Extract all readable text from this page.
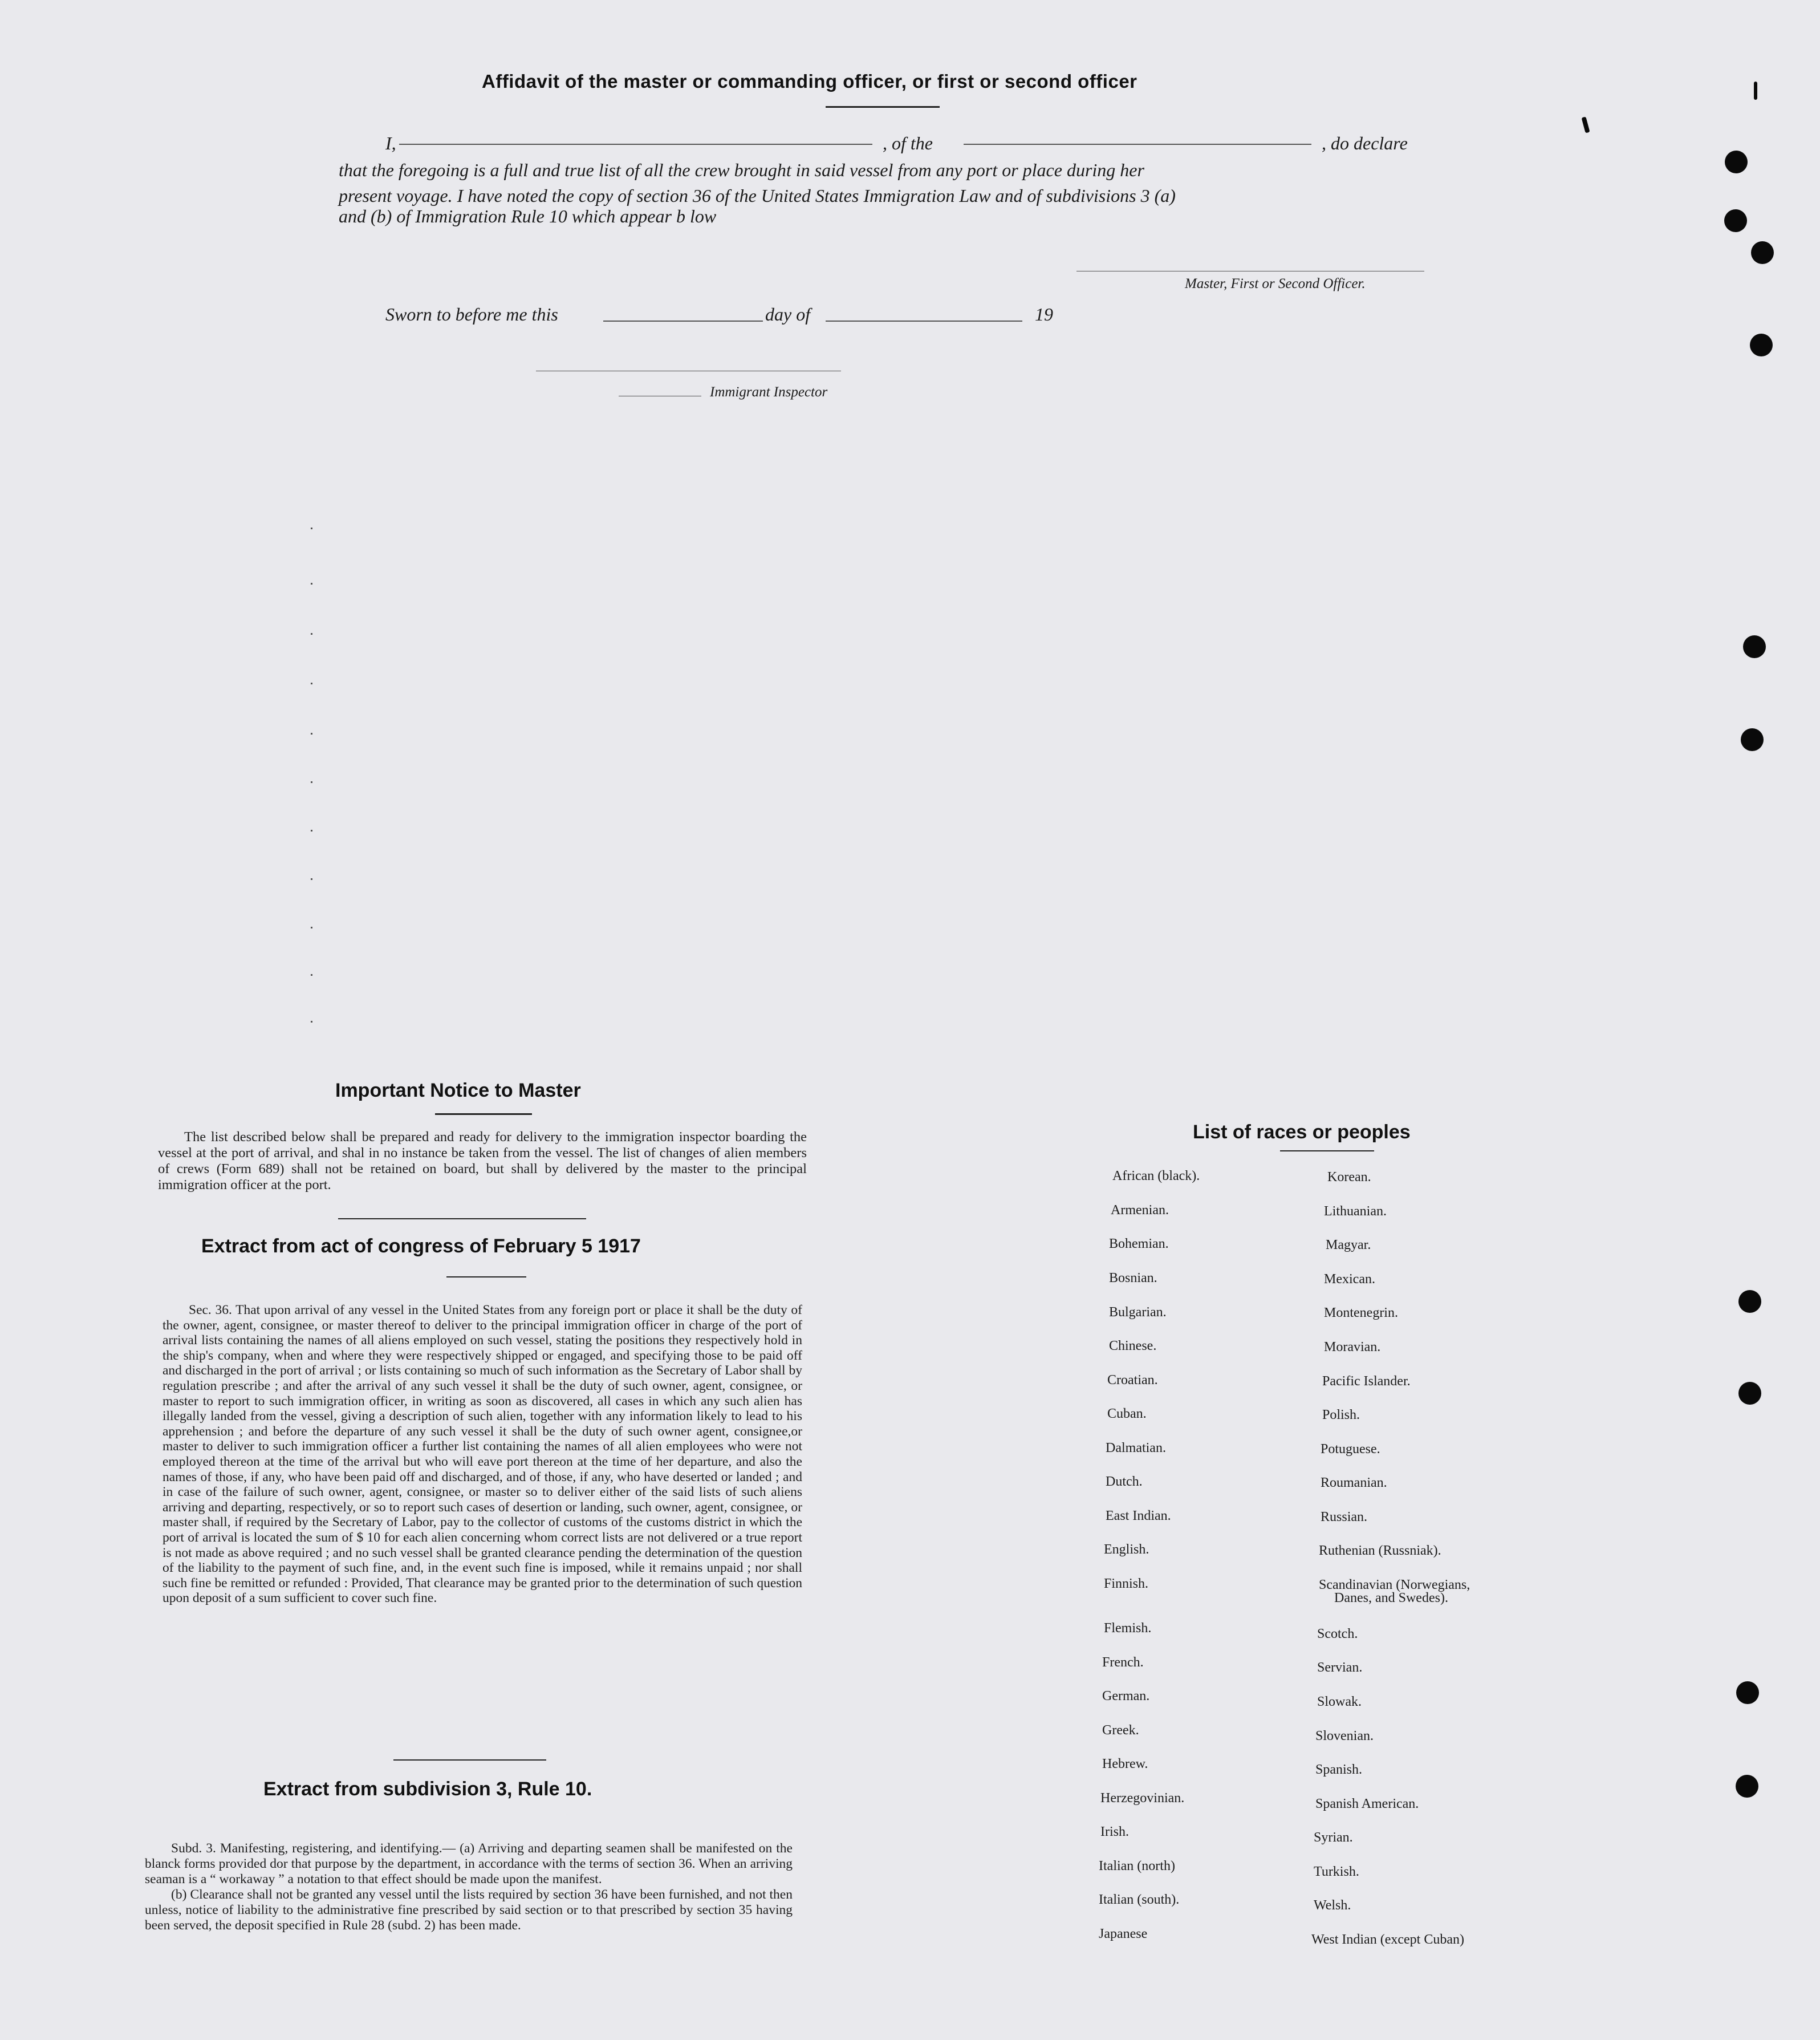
Affidavit of the master or commanding officer, or first or second officer
I,	, of the	, do declare
that the foregoing is a full and true list of all the crew brought in said vessel from any port or place during her
present voyage. I have noted the copy of section 36 of the United States Immigration Law and of subdivisions 3 (a)
and (b) of Immigration Rule 10 which appear b low
Master, First or Second Officer.
Sworn to before me this	day of	19
Immigrant Inspector
Important Notice to Master
The list described below shall be prepared and ready for delivery to the immigration inspector boarding the vessel at the port of arrival, and shal in no instance be taken from the vessel. The list of changes of alien members of crews (Form 689) shall not be retained on board, but shall by delivered by the master to the principal immigration officer at the port.
Extract from act of congress of February 5 1917
Sec. 36. That upon arrival of any vessel in the United States from any foreign port or place it shall be the duty of the owner, agent, consignee, or master thereof to deliver to the principal immigration officer in charge of the port of arrival lists containing the names of all aliens employed on such vessel, stating the positions they respectively hold in the ship's company, when and where they were respectively shipped or engaged, and specifying those to be paid off and discharged in the port of arrival ; or lists containing so much of such information as the Secretary of Labor shall by regulation prescribe ; and after the arrival of any such vessel it shall be the duty of such owner, agent, consignee, or master to report to such immigration officer, in writing as soon as discovered, all cases in which any such alien has illegally landed from the vessel, giving a description of such alien, together with any information likely to lead to his apprehension ; and before the departure of any such vessel it shall be the duty of such owner agent, consignee,or master to deliver to such immigration officer a further list containing the names of all alien employees who were not employed thereon at the time of the arrival but who will eave port thereon at the time of her departure, and also the names of those, if any, who have been paid off and discharged, and of those, if any, who have deserted or landed ; and in case of the failure of such owner, agent, consignee, or master so to deliver either of the said lists of such aliens arriving and departing, respectively, or so to report such cases of desertion or landing, such owner, agent, consignee, or master shall, if required by the Secretary of Labor, pay to the collector of customs of the customs district in which the port of arrival is located the sum of $ 10 for each alien concerning whom correct lists are not delivered or a true report is not made as above required ; and no such vessel shall be granted clearance pending the determination of the question of the liability to the payment of such fine, and, in the event such fine is imposed, while it remains unpaid ; nor shall such fine be remitted or refunded : Provided, That clearance may be granted prior to the determination of such question upon deposit of a sum sufficient to cover such fine.
Extract from subdivision 3, Rule 10.

Subd. 3. Manifesting, registering, and identifying.— (a) Arriving and departing seamen shall be manifested on the blanck forms provided dor that purpose by the department, in accordance with the terms of section 36. When an arriving seaman is a “ workaway ” a notation to that effect should be made upon the manifest.

(b) Clearance shall not be granted any vessel until the lists required by section 36 have been furnished, and not then unless, notice of liability to the administrative fine prescribed by said section or to that prescribed by section 35 having been served, the deposit specified in Rule 28 (subd. 2) has been made.

List of races or peoples
African (black).
Armenian.
Bohemian.
Bosnian.
Bulgarian.
Chinese.
Croatian.
Cuban.
Dalmatian.
Dutch.
East Indian.
English.
Finnish.
Flemish.
French.
German.
Greek.
Hebrew.
Herzegovinian.
Irish.
Italian (north)
Italian (south).
Japanese
Korean.
Lithuanian.
Magyar.
Mexican.
Montenegrin.
Moravian.
Pacific Islander.
Polish.
Potuguese.
Roumanian.
Russian.
Ruthenian (Russniak).
Scandinavian (Norwegians,
Danes, and Swedes).
Scotch.
Servian.
Slowak.
Slovenian.
Spanish.
Spanish American.
Syrian.
Turkish.
Welsh.
West Indian (except Cuban)
